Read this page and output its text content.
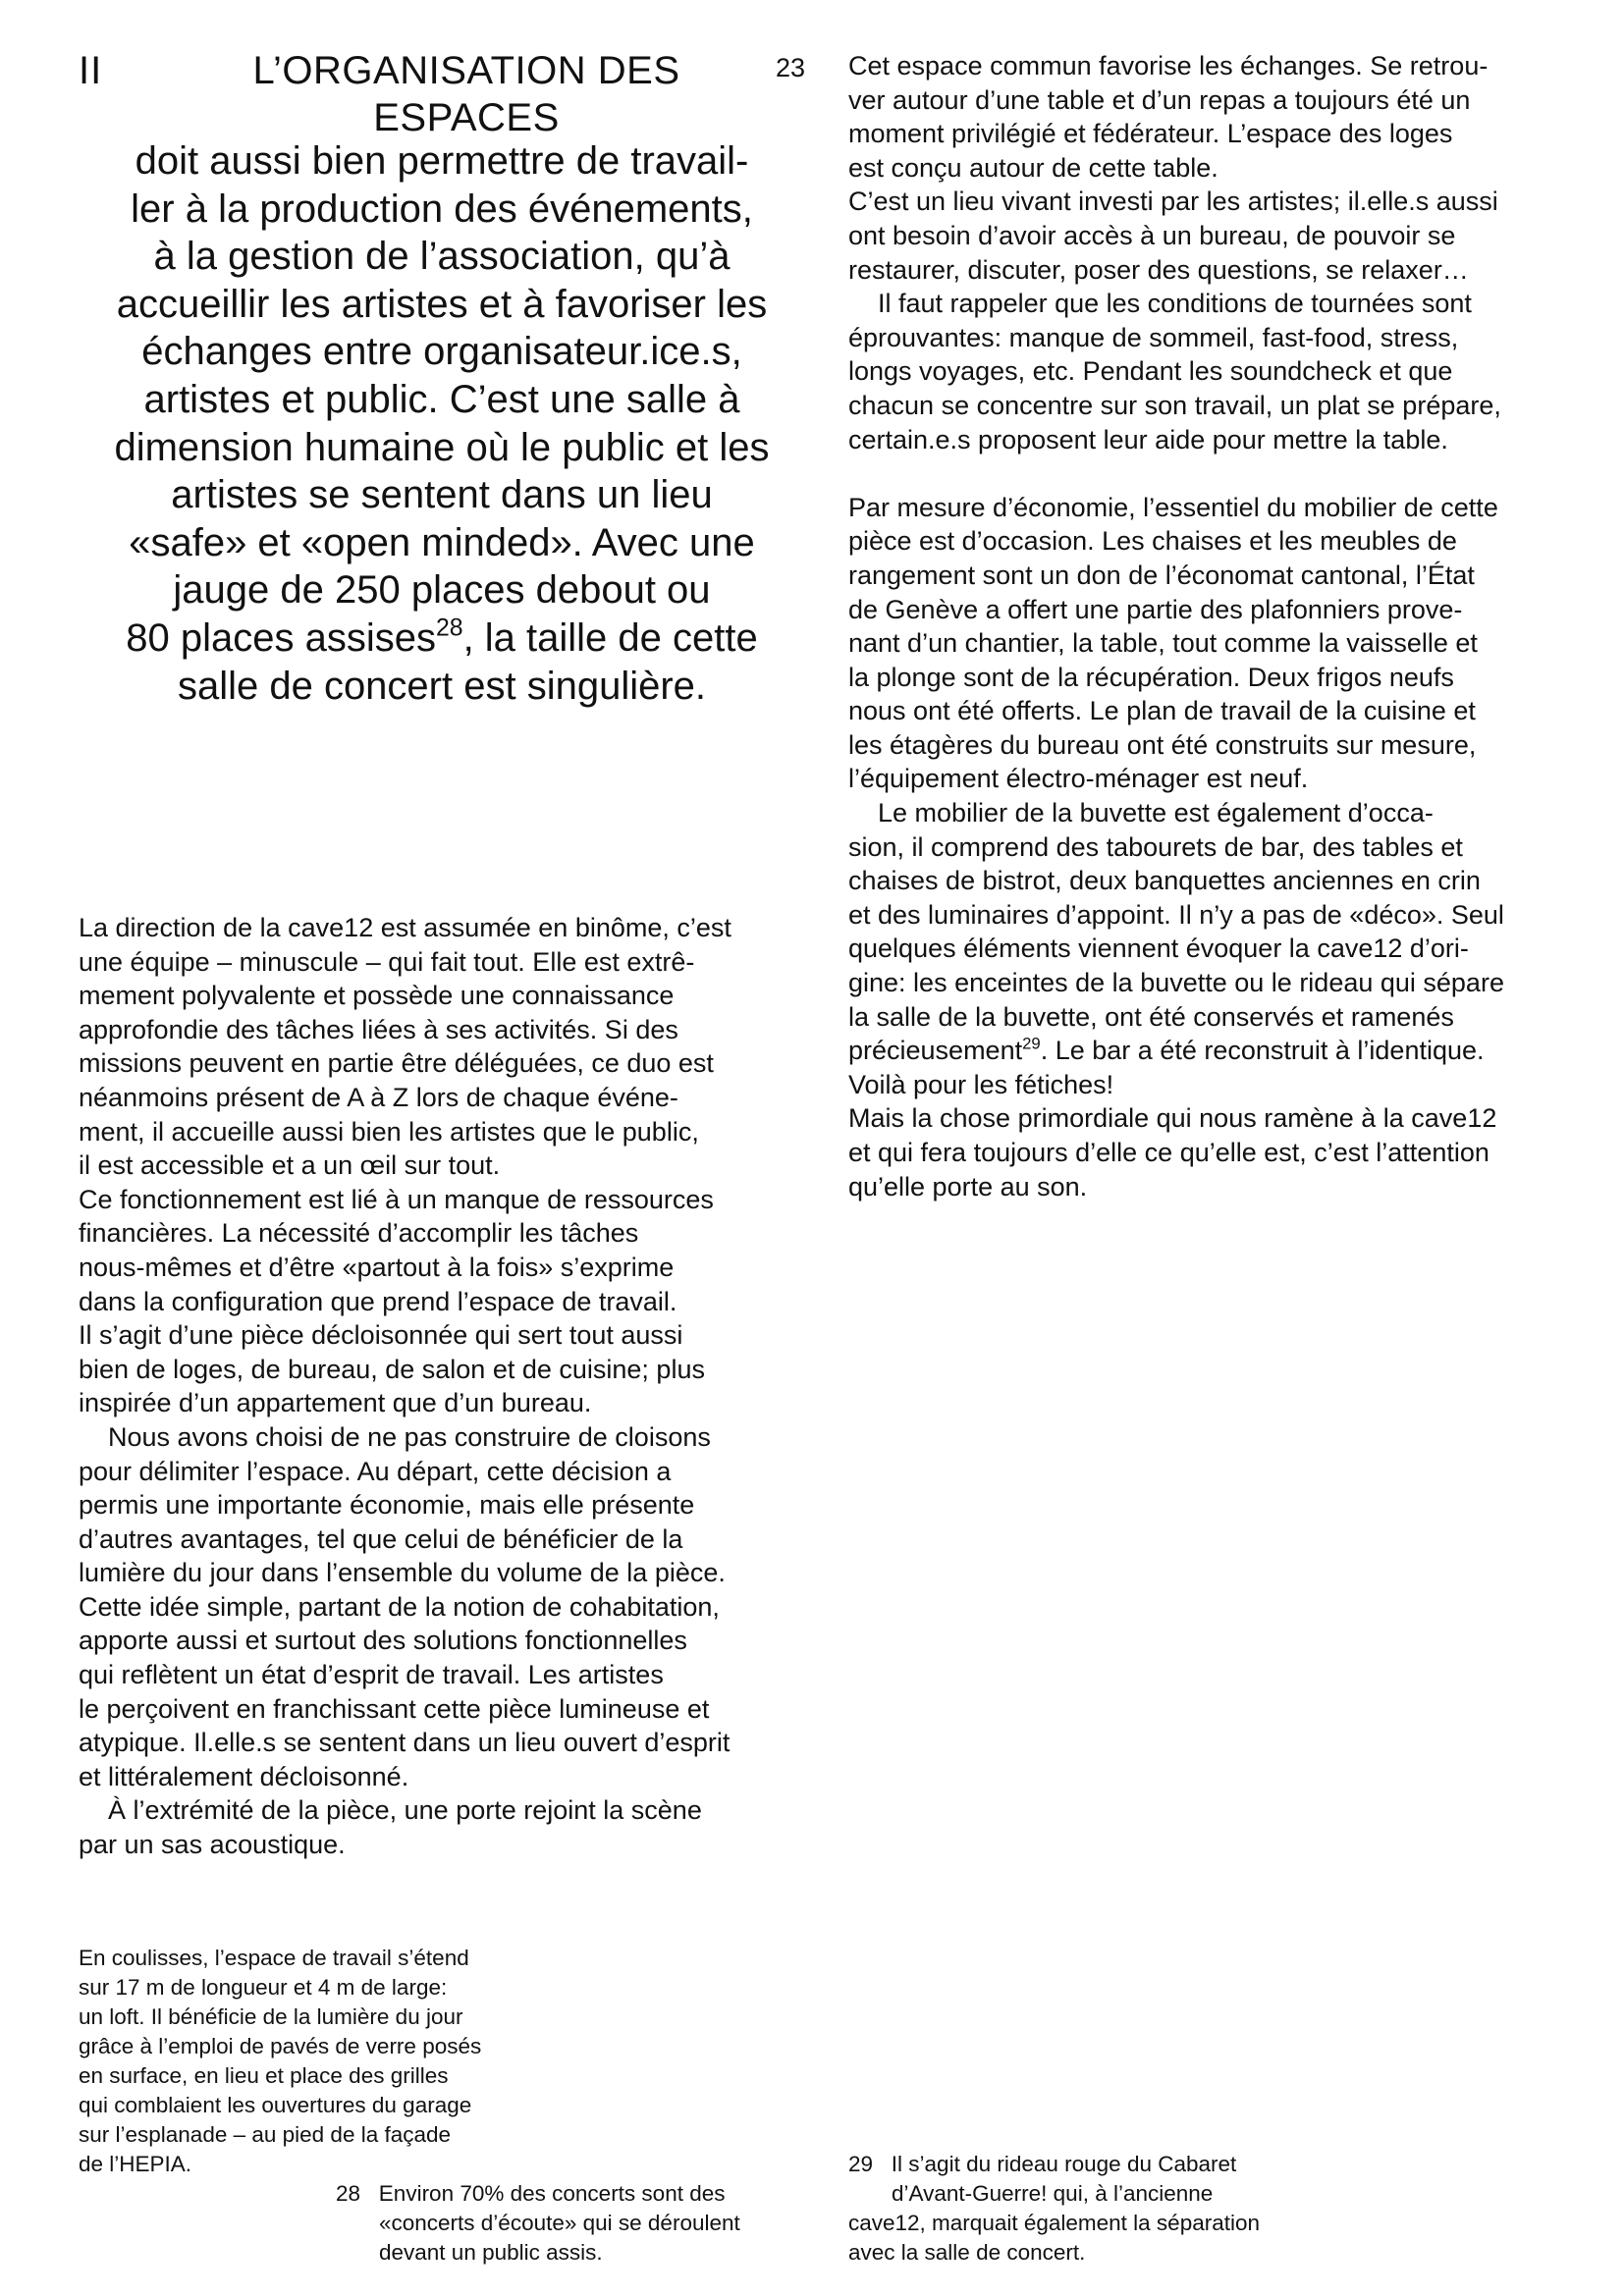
II	L’ORGANISATION DES
ESPACES
23
doit aussi bien permettre de travail-
ler à la production des événements,
à la gestion de l’association, qu’à
accueillir les artistes et à favoriser les
échanges entre organisateur.ice.s,
artistes et public. C’est une salle à
dimension humaine où le public et les
artistes se sentent dans un lieu
«safe» et «open minded». Avec une
jauge de 250 places debout ou
80 places assises$^{28}$, la taille de cette
salle de concert est singulière.
La direction de la cave12 est assumée en binôme, c’est
une équipe – minuscule – qui fait tout. Elle est extrê-
mement polyvalente et possède une connaissance
approfondie des tâches liées à ses activités. Si des
missions peuvent en partie être déléguées, ce duo est
néanmoins présent de A à Z lors de chaque événe-
ment, il accueille aussi bien les artistes que le public,
il est accessible et a un œil sur tout.
Ce fonctionnement est lié à un manque de ressources
financières. La nécessité d’accomplir les tâches
nous-mêmes et d’être «partout à la fois» s’exprime
dans la configuration que prend l’espace de travail.
Il s’agit d’une pièce décloisonnée qui sert tout aussi
bien de loges, de bureau, de salon et de cuisine; plus
inspirée d’un appartement que d’un bureau.
Nous avons choisi de ne pas construire de cloisons
pour délimiter l’espace. Au départ, cette décision a
permis une importante économie, mais elle présente
d’autres avantages, tel que celui de bénéficier de la
lumière du jour dans l’ensemble du volume de la pièce.
Cette idée simple, partant de la notion de cohabitation,
apporte aussi et surtout des solutions fonctionnelles
qui reflètent un état d’esprit de travail. Les artistes
le perçoivent en franchissant cette pièce lumineuse et
atypique. Il.elle.s se sentent dans un lieu ouvert d’esprit
et littéralement décloisonné.
À l’extrémité de la pièce, une porte rejoint la scène
par un sas acoustique.
Cet espace commun favorise les échanges. Se retrou-
ver autour d’une table et d’un repas a toujours été un
moment privilégié et fédérateur. L’espace des loges
est conçu autour de cette table.
C’est un lieu vivant investi par les artistes; il.elle.s aussi
ont besoin d’avoir accès à un bureau, de pouvoir se
restaurer, discuter, poser des questions, se relaxer…
Il faut rappeler que les conditions de tournées sont
éprouvantes: manque de sommeil, fast-food, stress,
longs voyages, etc. Pendant les soundcheck et que
chacun se concentre sur son travail, un plat se prépare,
certain.e.s proposent leur aide pour mettre la table.
Par mesure d’économie, l’essentiel du mobilier de cette
pièce est d’occasion. Les chaises et les meubles de
rangement sont un don de l’économat cantonal, l’État
de Genève a offert une partie des plafonniers prove-
nant d’un chantier, la table, tout comme la vaisselle et
la plonge sont de la récupération. Deux frigos neufs
nous ont été offerts. Le plan de travail de la cuisine et
les étagères du bureau ont été construits sur mesure,
l’équipement électro-ménager est neuf.
Le mobilier de la buvette est également d’occa-
sion, il comprend des tabourets de bar, des tables et
chaises de bistrot, deux banquettes anciennes en crin
et des luminaires d’appoint. Il n’y a pas de «déco». Seul
quelques éléments viennent évoquer la cave12 d’ori-
gine: les enceintes de la buvette ou le rideau qui sépare
la salle de la buvette, ont été conservés et ramenés
précieusement$^{29}$. Le bar a été reconstruit à l’identique.
Voilà pour les fétiches!
Mais la chose primordiale qui nous ramène à la cave12
et qui fera toujours d’elle ce qu’elle est, c’est l’attention
qu’elle porte au son.
En coulisses, l’espace de travail s’étend
sur 17 m de longueur et 4 m de large:
un loft. Il bénéficie de la lumière du jour
grâce à l’emploi de pavés de verre posés
en surface, en lieu et place des grilles
qui comblaient les ouvertures du garage
sur l’esplanade – au pied de la façade
de l’HEPIA.
28 Environ 70% des concerts sont des
«concerts d’écoute» qui se déroulent
devant un public assis.
29 Il s’agit du rideau rouge du Cabaret
d’Avant-Guerre! qui, à l’ancienne
cave12, marquait également la séparation
avec la salle de concert.
